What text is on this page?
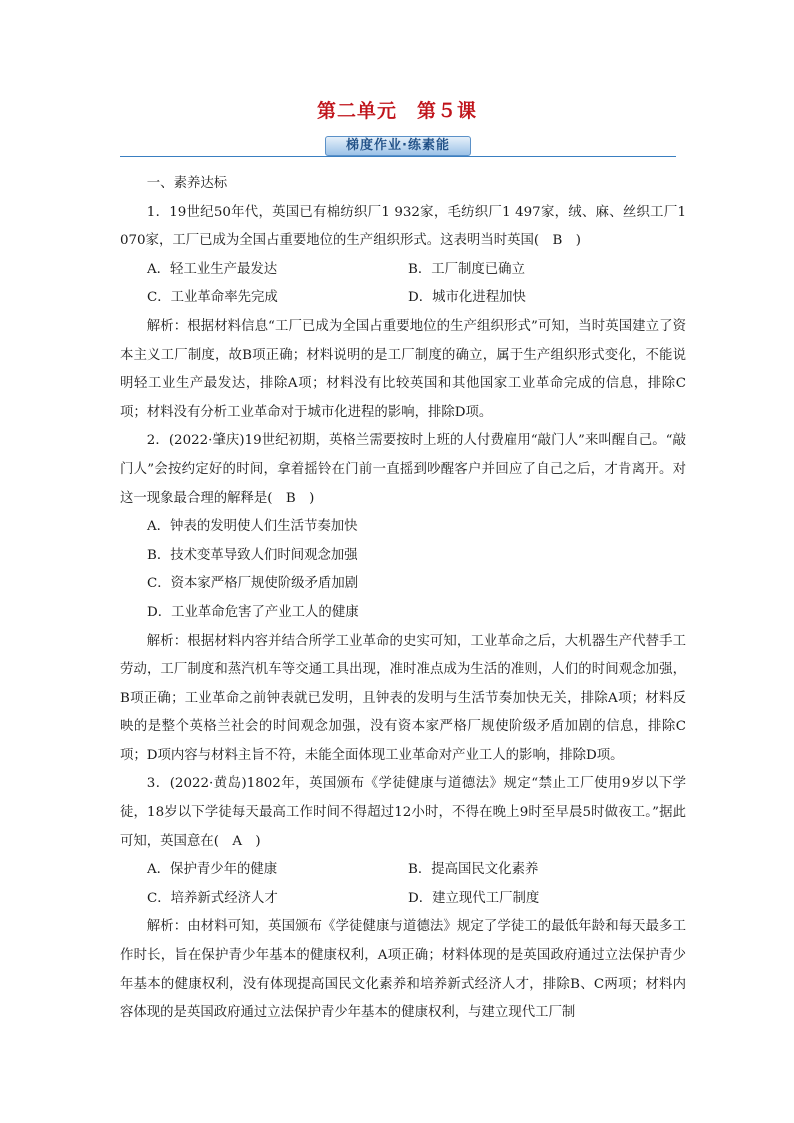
第二单元　第５课
梯度作业·练素能

一、素养达标

1．19世纪50年代，英国已有棉纺织厂1 932家，毛纺织厂1 497家，绒、麻、丝织工厂1 070家，工厂已成为全国占重要地位的生产组织形式。这表明当时英国(　B　)

A．轻工业生产最发达	B．工厂制度已确立
C．工业革命率先完成	D．城市化进程加快

解析：根据材料信息“工厂已成为全国占重要地位的生产组织形式”可知，当时英国建立了资本主义工厂制度，故B项正确；材料说明的是工厂制度的确立，属于生产组织形式变化，不能说明轻工业生产最发达，排除A项；材料没有比较英国和其他国家工业革命完成的信息，排除C项；材料没有分析工业革命对于城市化进程的影响，排除D项。

2．(2022·肇庆)19世纪初期，英格兰需要按时上班的人付费雇用“敲门人”来叫醒自己。“敲门人”会按约定好的时间，拿着摇铃在门前一直摇到吵醒客户并回应了自己之后，才肯离开。对这一现象最合理的解释是(　B　)

A．钟表的发明使人们生活节奏加快

B．技术变革导致人们时间观念加强

C．资本家严格厂规使阶级矛盾加剧

D．工业革命危害了产业工人的健康

解析：根据材料内容并结合所学工业革命的史实可知，工业革命之后，大机器生产代替手工劳动，工厂制度和蒸汽机车等交通工具出现，准时准点成为生活的准则，人们的时间观念加强，B项正确；工业革命之前钟表就已发明，且钟表的发明与生活节奏加快无关，排除A项；材料反映的是整个英格兰社会的时间观念加强，没有资本家严格厂规使阶级矛盾加剧的信息，排除C项；D项内容与材料主旨不符，未能全面体现工业革命对产业工人的影响，排除D项。

3．(2022·黄岛)1802年，英国颁布《学徒健康与道德法》规定“禁止工厂使用9岁以下学徒，18岁以下学徒每天最高工作时间不得超过12小时，不得在晚上9时至早晨5时做夜工。”据此可知，英国意在(　A　)

A．保护青少年的健康	B．提高国民文化素养
C．培养新式经济人才	D．建立现代工厂制度

解析：由材料可知，英国颁布《学徒健康与道德法》规定了学徒工的最低年龄和每天最多工作时长，旨在保护青少年基本的健康权利，A项正确；材料体现的是英国政府通过立法保护青少年基本的健康权利，没有体现提高国民文化素养和培养新式经济人才，排除B、C两项；材料内容体现的是英国政府通过立法保护青少年基本的健康权利，与建立现代工厂制
